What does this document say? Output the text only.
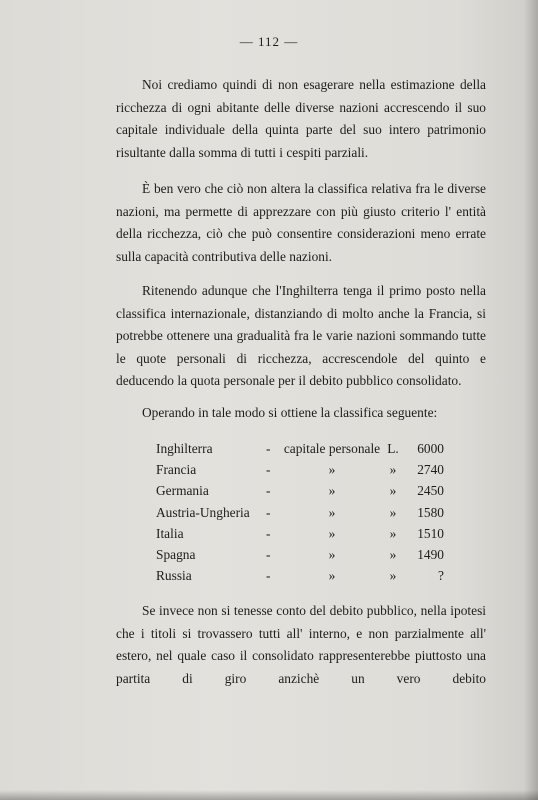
— 112 —

Noi crediamo quindi di non esagerare nella estimazione della ricchezza di ogni abitante delle diverse nazioni accrescendo il suo capitale individuale della quinta parte del suo intero patrimonio risultante dalla somma di tutti i cespiti parziali.

È ben vero che ciò non altera la classifica relativa fra le diverse nazioni, ma permette di apprezzare con più giusto criterio l' entità della ricchezza, ciò che può consentire considerazioni meno errate sulla capacità contributiva delle nazioni.

Ritenendo adunque che l'Inghilterra tenga il primo posto nella classifica internazionale, distanziando di molto anche la Francia, si potrebbe ottenere una gradualità fra le varie nazioni sommando tutte le quote personali di ricchezza, accrescendole del quinto e deducendo la quota personale per il debito pubblico consolidato.

Operando in tale modo si ottiene la classifica seguente:

Inghilterra	- capitale personale L.	6000
Francia	-	»	»	2740
Germania	-	»	»	2450
Austria-Ungheria	-	»	»	1580
Italia	-	»	»	1510
Spagna	-	»	»	1490
Russia	-	»	»	?

Se invece non si tenesse conto del debito pubblico, nella ipotesi che i titoli si trovassero tutti all' interno, e non parzialmente all' estero, nel quale caso il consolidato rappresenterebbe piuttosto una partita di giro anzichè un vero debito
